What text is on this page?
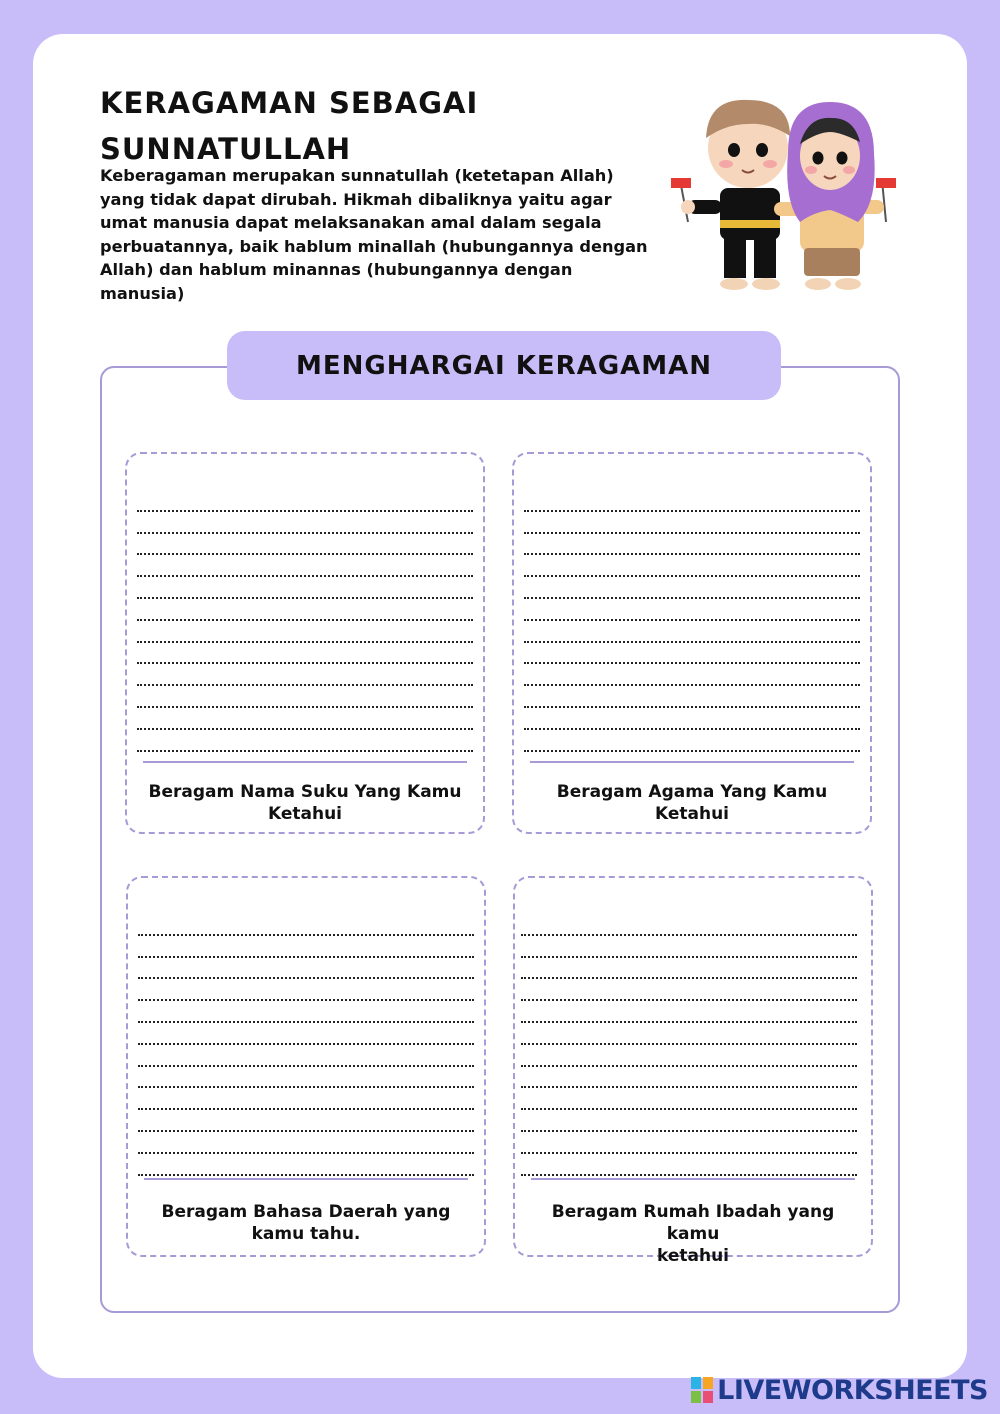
KERAGAMAN SEBAGAI
SUNNATULLAH
Keberagaman merupakan sunnatullah (ketetapan Allah)
yang tidak dapat dirubah. Hikmah dibaliknya yaitu agar
umat manusia dapat melaksanakan amal dalam segala
perbuatannya, baik hablum minallah (hubungannya dengan
Allah) dan hablum minannas (hubungannya dengan manusia)
MENGHARGAI KERAGAMAN
Beragam Nama Suku Yang Kamu
Ketahui
Beragam Agama Yang Kamu
Ketahui
Beragam Bahasa Daerah yang
kamu tahu.
Beragam Rumah Ibadah yang kamu
ketahui
LIVEWORKSHEETS
